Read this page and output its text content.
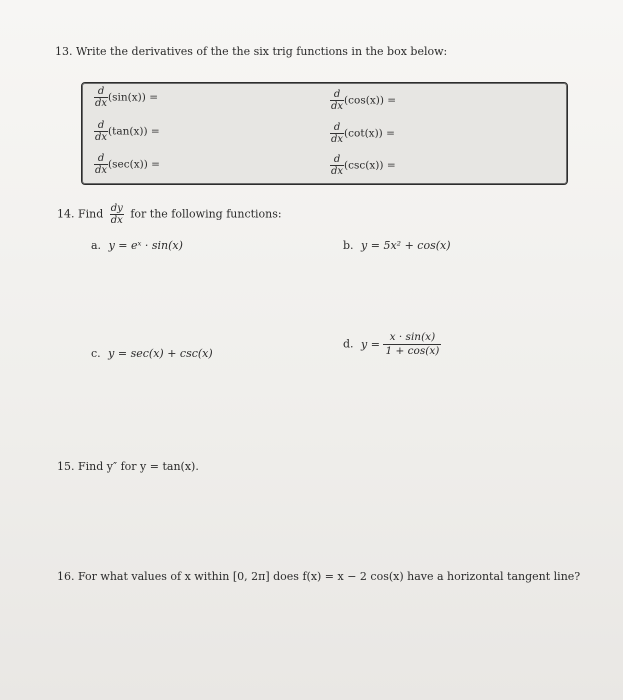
13. Write the derivatives of the the six trig functions in the box below:
$\frac{d}{dx} (\sin(x))$ =
$\frac{d}{dx} (\tan(x))$ =
$\frac{d}{dx} (\sec(x))$ =
$\frac{d}{dx} (\cos(x))$ =
$\frac{d}{dx} (\cot(x))$ =
$\frac{d}{dx} (\csc(x))$ =
14. Find $\frac{dy}{dx}$ for the following functions:
a. y = eˣ · sin(x)	b. y = 5x² + cos(x)
c. y = sec(x) + csc(x)
d. $y = \frac{x \cdot \sin(x)}{1 + \cos(x)}$
15. Find y″ for y = tan(x).
16. For what values of x within [0, 2π] does f(x) = x − 2 cos(x) have a horizontal tangent line?
